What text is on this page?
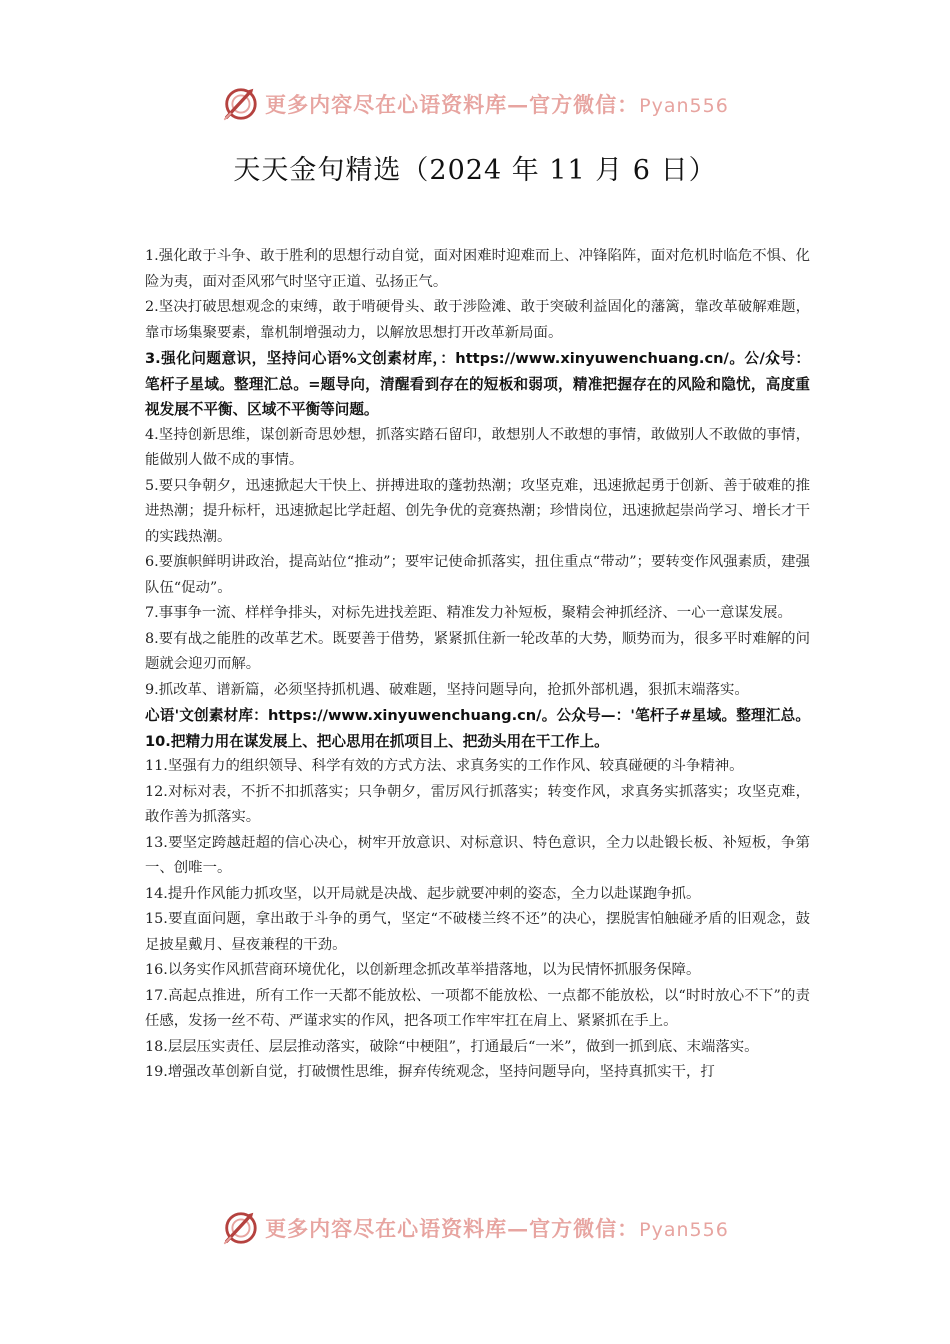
更多内容尽在心语资料库—官方微信：Pyan556
天天金句精选（2024 年 11 月 6 日）

1.强化敢于斗争、敢于胜利的思想行动自觉，面对困难时迎难而上、冲锋陷阵，面对危机时临危不惧、化险为夷，面对歪风邪气时坚守正道、弘扬正气。

2.坚决打破思想观念的束缚，敢于啃硬骨头、敢于涉险滩、敢于突破利益固化的藩篱，靠改革破解难题，靠市场集聚要素，靠机制增强动力，以解放思想打开改革新局面。

3.强化问题意识，坚持问心语%文创素材库，：https://www.xinyuwenchuang.cn/。公/众号：笔杆子星域。整理汇总。=题导向，清醒看到存在的短板和弱项，精准把握存在的风险和隐忧，高度重视发展不平衡、区域不平衡等问题。

4.坚持创新思维，谋创新奇思妙想，抓落实踏石留印，敢想别人不敢想的事情，敢做别人不敢做的事情，能做别人做不成的事情。

5.要只争朝夕，迅速掀起大干快上、拼搏进取的蓬勃热潮；攻坚克难，迅速掀起勇于创新、善于破难的推进热潮；提升标杆，迅速掀起比学赶超、创先争优的竞赛热潮；珍惜岗位，迅速掀起崇尚学习、增长才干的实践热潮。

6.要旗帜鲜明讲政治，提高站位“推动”；要牢记使命抓落实，扭住重点“带动”；要转变作风强素质，建强队伍“促动”。

7.事事争一流、样样争排头，对标先进找差距、精准发力补短板，聚精会神抓经济、一心一意谋发展。

8.要有战之能胜的改革艺术。既要善于借势，紧紧抓住新一轮改革的大势，顺势而为，很多平时难解的问题就会迎刃而解。

9.抓改革、谱新篇，必须坚持抓机遇、破难题，坚持问题导向，抢抓外部机遇，狠抓末端落实。

心语'文创素材库：https://www.xinyuwenchuang.cn/。公众号—：'笔杆子#星域。整理汇总。10.把精力用在谋发展上、把心思用在抓项目上、把劲头用在干工作上。

11.坚强有力的组织领导、科学有效的方式方法、求真务实的工作作风、较真碰硬的斗争精神。

12.对标对表，不折不扣抓落实；只争朝夕，雷厉风行抓落实；转变作风，求真务实抓落实；攻坚克难，敢作善为抓落实。

13.要坚定跨越赶超的信心决心，树牢开放意识、对标意识、特色意识，全力以赴锻长板、补短板，争第一、创唯一。

14.提升作风能力抓攻坚，以开局就是决战、起步就要冲刺的姿态，全力以赴谋跑争抓。

15.要直面问题，拿出敢于斗争的勇气，坚定“不破楼兰终不还”的决心，摆脱害怕触碰矛盾的旧观念，鼓足披星戴月、昼夜兼程的干劲。

16.以务实作风抓营商环境优化，以创新理念抓改革举措落地，以为民情怀抓服务保障。

17.高起点推进，所有工作一天都不能放松、一项都不能放松、一点都不能放松，以“时时放心不下”的责任感，发扬一丝不苟、严谨求实的作风，把各项工作牢牢扛在肩上、紧紧抓在手上。

18.层层压实责任、层层推动落实，破除“中梗阻”，打通最后“一米”，做到一抓到底、末端落实。

19.增强改革创新自觉，打破惯性思维，摒弃传统观念，坚持问题导向，坚持真抓实干，打

更多内容尽在心语资料库—官方微信：Pyan556
